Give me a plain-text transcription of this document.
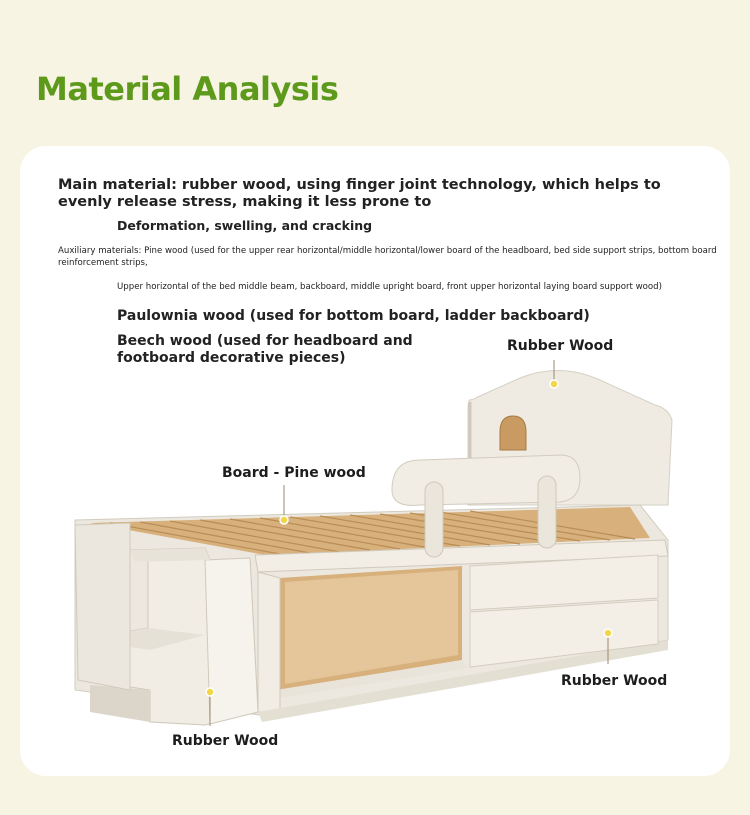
Material Analysis
Main material: rubber wood, using finger joint technology, which helps to evenly release stress, making it less prone to
Deformation, swelling, and cracking
Auxiliary materials: Pine wood (used for the upper rear horizontal/middle horizontal/lower board of the headboard, bed side support strips, bottom board reinforcement strips,
Upper horizontal of the bed middle beam, backboard, middle upright board, front upper horizontal laying board support wood)
Paulownia wood (used for bottom board, ladder backboard)
Beech wood (used for headboard and footboard decorative pieces)
Rubber Wood
Board - Pine wood
Rubber Wood
Rubber Wood
